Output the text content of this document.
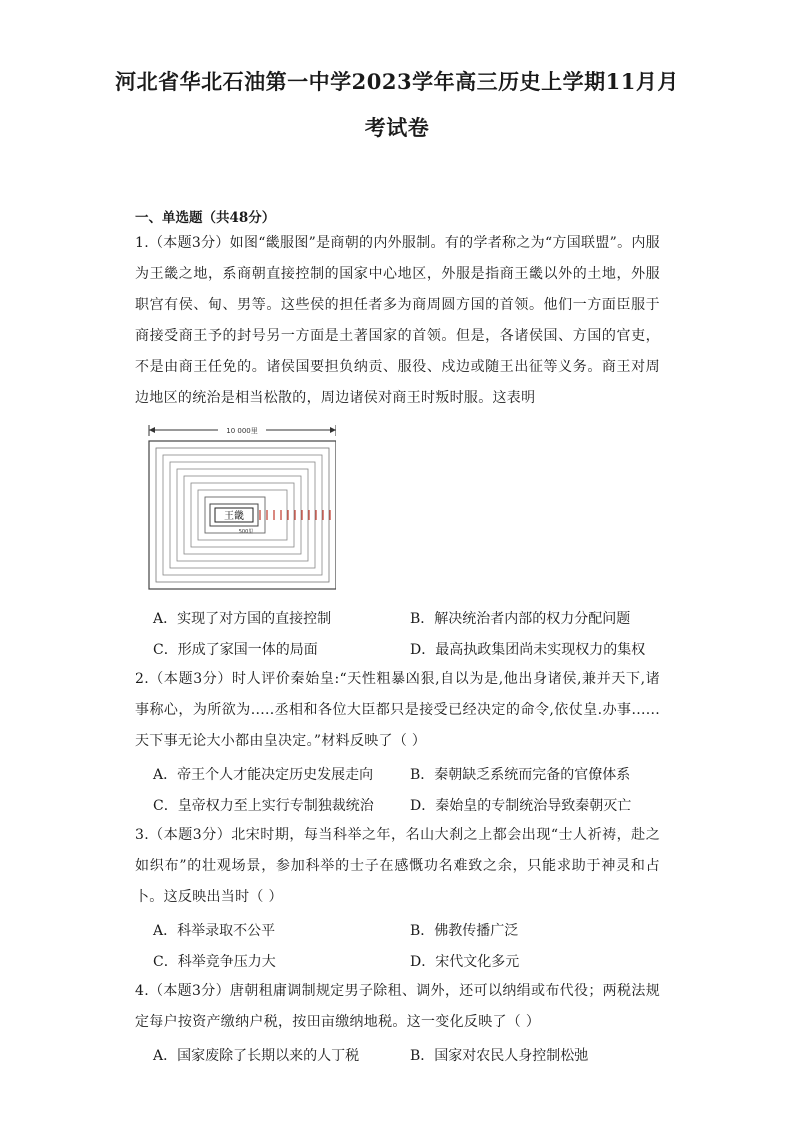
河北省华北石油第一中学2023学年高三历史上学期11月月
考试卷
一、单选题（共48分）
1.（本题3分）如图“畿服图”是商朝的内外服制。有的学者称之为“方国联盟”。内服为王畿之地，系商朝直接控制的国家中心地区，外服是指商王畿以外的土地，外服职宫有侯、甸、男等。这些侯的担任者多为商周圆方国的首领。他们一方面臣服于商接受商王予的封号另一方面是土著国家的首领。但是，各诸侯国、方国的官吏，不是由商王任免的。诸侯国要担负纳贡、服役、戍边或随王出征等义务。商王对周边地区的统治是相当松散的，周边诸侯对商王时叛时服。这表明
10 000里
王畿
500里
A．实现了对方国的直接控制	B．解决统治者内部的权力分配问题
C．形成了家国一体的局面	D．最高执政集团尚未实现权力的集权
2.（本题3分）时人评价秦始皇:“天性粗暴凶狠,自以为是,他出身诸侯,兼并天下,诸事称心，为所欲为.....丞相和各位大臣都只是接受已经决定的命令,依仗皇.办事......天下事无论大小都由皇决定。”材料反映了（ ）
A．帝王个人才能决定历史发展走向	B．秦朝缺乏系统而完备的官僚体系
C．皇帝权力至上实行专制独裁统治	D．秦始皇的专制统治导致秦朝灭亡
3.（本题3分）北宋时期，每当科举之年，名山大刹之上都会出现“士人祈祷，赴之如织布”的壮观场景，参加科举的士子在感慨功名难致之余，只能求助于神灵和占卜。这反映出当时（ ）
A．科举录取不公平	B．佛教传播广泛
C．科举竞争压力大	D．宋代文化多元
4.（本题3分）唐朝租庸调制规定男子除租、调外，还可以纳绢或布代役；两税法规定每户按资产缴纳户税，按田亩缴纳地税。这一变化反映了（ ）
A．国家废除了长期以来的人丁税	B．国家对农民人身控制松弛
